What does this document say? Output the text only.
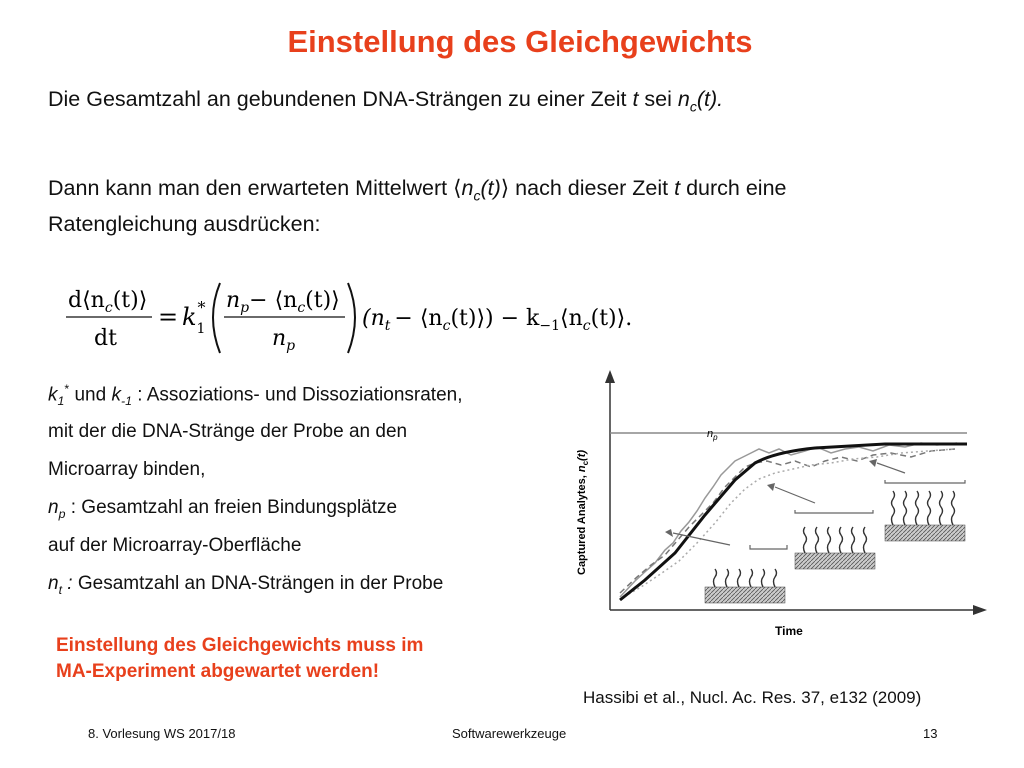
Einstellung des Gleichgewichts
Die Gesamtzahl an gebundenen DNA-Strängen zu einer Zeit t sei $n_c(t)$.
Dann kann man den erwarteten Mittelwert $⟨n_c(t)⟩$ nach dieser Zeit t durch eine
Ratengleichung ausdrücken:
$d⟨n_c(t)⟩$
dt
= $k_1*$ $n_p-$ $⟨n_c(t)⟩$
$n_p$
($n_t$ − $⟨n_c(t)⟩$) − $k_{-1}⟨n_c(t)⟩$.
$k_1^*$ und $k_{-1}$ : Assoziations- und Dissoziationsraten,
mit der die DNA-Stränge der Probe an den
Microarray binden,
$n_p$ : Gesamtzahl an freien Bindungsplätze
auf der Microarray-Oberfläche
$n_t$ : Gesamtzahl an DNA-Strängen in der Probe
Einstellung des Gleichgewichts muss im
MA-Experiment abgewartet werden!
Captured $Analytes,n_c(t)$
Time
$n_p$
Hassibi et al., Nucl. Ac. Res. 37, e132 (2009)
8. Vorlesung WS 2017/18	Softwarewerkzeuge	13
